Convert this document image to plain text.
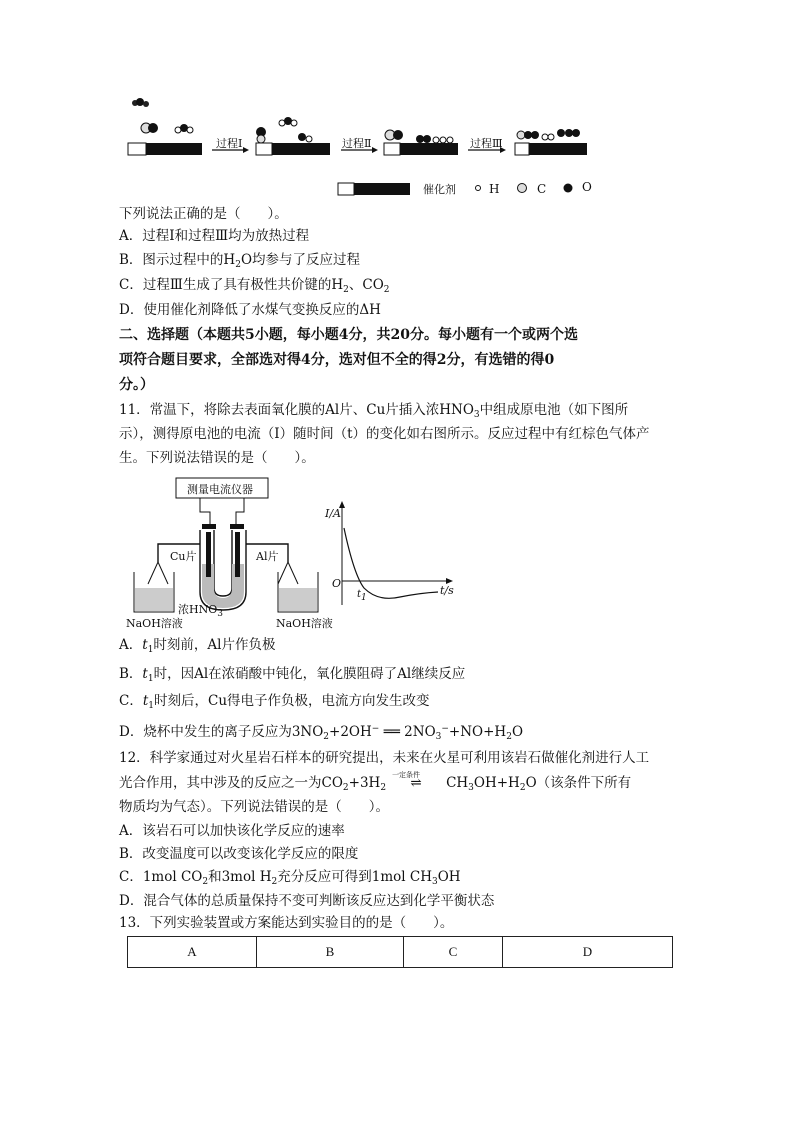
过程Ⅰ	过程Ⅱ	过程Ⅲ
催化剂	H	C	O
下列说法正确的是（　　）。
A．过程Ⅰ和过程Ⅲ均为放热过程
B．图示过程中的$H_2O$均参与了反应过程
C．过程Ⅲ生成了具有极性共价键的$H_2$、$CO_2$
D．使用催化剂降低了水煤气变换反应的ΔH
二、选择题（本题共5小题，每小题4分，共20分。每小题有一个或两个选
项符合题目要求，全部选对得4分，选对但不全的得2分，有选错的得0
分。）
11．常温下，将除去表面氧化膜的Al片、Cu片插入浓$HNO_3$中组成原电池（如下图所
示），测得原电池的电流（I）随时间（t）的变化如右图所示。反应过程中有红棕色气体产
生。下列说法错误的是（　　）。
测量电流仪器
Cu片	Al片
浓$HNO_3$
NaOH溶液	NaOH溶液
I/A
O
t/s
$t_1$
A．$t_1$时刻前，Al片作负极
B．$t_1$时，因Al在浓硝酸中钝化，氧化膜阻碍了Al继续反应
C．$t_1$时刻后，Cu得电子作负极，电流方向发生改变
D．烧杯中发生的离子反应为$3NO_2+2OH^-$ ══ $2NO_3^-+NO+H_2O$
12．科学家通过对火星岩石样本的研究提出，未来在火星可利用该岩石做催化剂进行人工
光合作用，其中涉及的反应之一为$CO_2+3H_2$
一定条件
⇌ $CH_3OH+H_2O$（该条件下所有
物质均为气态）。下列说法错误的是（　　）。
A．该岩石可以加快该化学反应的速率
B．改变温度可以改变该化学反应的限度
C．1mol $CO_2$和3mol $H_2$充分反应可得到1mol $CH_3OH$
D．混合气体的总质量保持不变可判断该反应达到化学平衡状态
13．下列实验装置或方案能达到实验目的的是（　　）。
A	B	C	D
